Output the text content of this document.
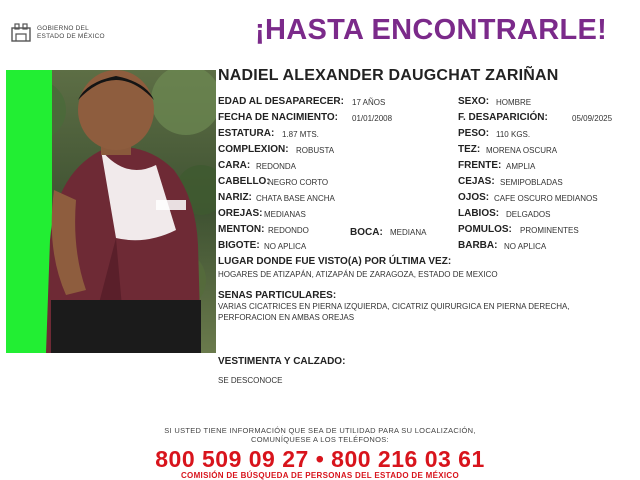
GOBIERNO DEL
ESTADO DE MÉXICO	¡HASTA ENCONTRARLE!
NADIEL ALEXANDER DAUGCHAT ZARIÑAN
EDAD AL DESAPARECER: 17 AÑOS
FECHA DE NACIMIENTO: 01/01/2008
ESTATURA: 1.87 MTS.
COMPLEXION: ROBUSTA
CARA: REDONDA
CABELLO:
NEGRO CORTO
NARIZ: CHATA BASE ANCHA
OREJAS: MEDIANAS
MENTON: REDONDO	BOCA: MEDIANA
BIGOTE: NO APLICA
SEXO: HOMBRE
F. DESAPARICIÓN:	05/09/2025
PESO: 110 KGS.
TEZ: MORENA OSCURA
FRENTE: AMPLIA
CEJAS: SEMIPOBLADAS
OJOS: CAFE OSCURO MEDIANOS
LABIOS: DELGADOS
POMULOS: PROMINENTES
BARBA: NO APLICA
LUGAR DONDE FUE VISTO(A) POR ÚLTIMA VEZ:
HOGARES DE ATIZAPÁN, ATIZAPÁN DE ZARAGOZA, ESTADO DE MEXICO
SENAS PARTICULARES:
VARIAS CICATRICES EN PIERNA IZQUIERDA, CICATRIZ QUIRURGICA EN PIERNA DERECHA, PERFORACION EN AMBAS OREJAS
VESTIMENTA Y CALZADO:
SE DESCONOCE
SI USTED TIENE INFORMACIÓN QUE SEA DE UTILIDAD PARA SU LOCALIZACIÓN,
COMUNÍQUESE A LOS TELÉFONOS:
800 509 09 27 • 800 216 03 61
COMISIÓN DE BÚSQUEDA DE PERSONAS DEL ESTADO DE MÉXICO
